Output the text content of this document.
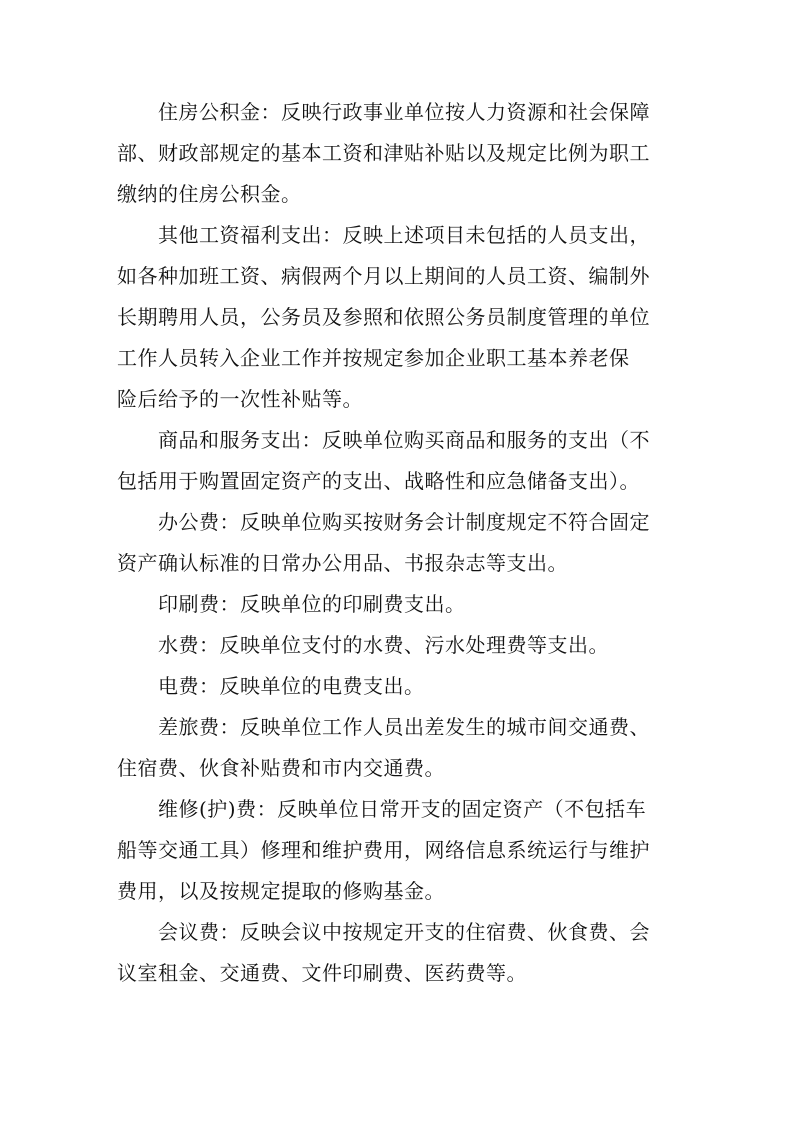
住房公积金：反映行政事业单位按人力资源和社会保障
部、财政部规定的基本工资和津贴补贴以及规定比例为职工
缴纳的住房公积金。

其他工资福利支出：反映上述项目未包括的人员支出，
如各种加班工资、病假两个月以上期间的人员工资、编制外
长期聘用人员，公务员及参照和依照公务员制度管理的单位
工作人员转入企业工作并按规定参加企业职工基本养老保
险后给予的一次性补贴等。

商品和服务支出：反映单位购买商品和服务的支出（不
包括用于购置固定资产的支出、战略性和应急储备支出）。

办公费：反映单位购买按财务会计制度规定不符合固定
资产确认标准的日常办公用品、书报杂志等支出。

印刷费：反映单位的印刷费支出。

水费：反映单位支付的水费、污水处理费等支出。

电费：反映单位的电费支出。

差旅费：反映单位工作人员出差发生的城市间交通费、
住宿费、伙食补贴费和市内交通费。

维修(护)费：反映单位日常开支的固定资产（不包括车
船等交通工具）修理和维护费用，网络信息系统运行与维护
费用，以及按规定提取的修购基金。

会议费：反映会议中按规定开支的住宿费、伙食费、会
议室租金、交通费、文件印刷费、医药费等。
